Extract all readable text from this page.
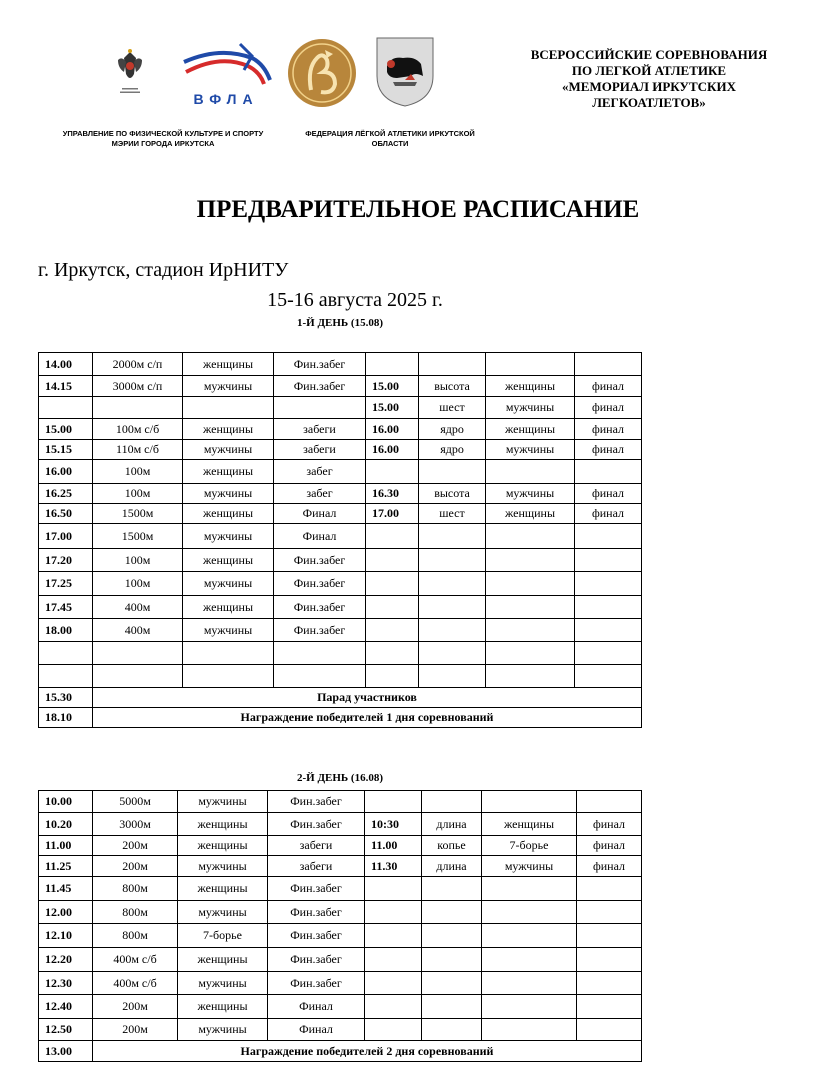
ВФЛА
ВСЕРОССИЙСКИЕ СОРЕВНОВАНИЯ
ПО ЛЕГКОЙ АТЛЕТИКЕ
«МЕМОРИАЛ ИРКУТСКИХ
ЛЕГКОАТЛЕТОВ»
УПРАВЛЕНИЕ ПО ФИЗИЧЕСКОЙ КУЛЬТУРЕ И СПОРТУ
МЭРИИ ГОРОДА ИРКУТСКА
ФЕДЕРАЦИЯ ЛЁГКОЙ АТЛЕТИКИ ИРКУТСКОЙ
ОБЛАСТИ
ПРЕДВАРИТЕЛЬНОЕ РАСПИСАНИЕ
г. Иркутск, стадион ИрНИТУ
15-16 августа 2025 г.
1-Й ДЕНЬ (15.08)
14.00	2000м с/п	женщины	Фин.забег				
14.15	3000м с/п	мужчины	Фин.забег	15.00	высота	женщины	финал
				15.00	шест	мужчины	финал
15.00	100м с/б	женщины	забеги	16.00	ядро	женщины	финал
15.15	110м с/б	мужчины	забеги	16.00	ядро	мужчины	финал
16.00	100м	женщины	забег				
16.25	100м	мужчины	забег	16.30	высота	мужчины	финал
16.50	1500м	женщины	Финал	17.00	шест	женщины	финал
17.00	1500м	мужчины	Финал				
17.20	100м	женщины	Фин.забег				
17.25	100м	мужчины	Фин.забег				
17.45	400м	женщины	Фин.забег				
18.00	400м	мужчины	Фин.забег				

15.30	Парад участников						
18.10	Награждение победителей 1 дня соревнований						
2-Й ДЕНЬ (16.08)
10.00	5000м	мужчины	Фин.забег				
10.20	3000м	женщины	Фин.забег	10:30	длина	женщины	финал
11.00	200м	женщины	забеги	11.00	копье	7-борье	финал
11.25	200м	мужчины	забеги	11.30	длина	мужчины	финал
11.45	800м	женщины	Фин.забег				
12.00	800м	мужчины	Фин.забег				
12.10	800м	7-борье	Фин.забег				
12.20	400м с/б	женщины	Фин.забег				
12.30	400м с/б	мужчины	Фин.забег				
12.40	200м	женщины	Финал				
12.50	200м	мужчины	Финал				
13.00	Награждение победителей 2 дня соревнований						
